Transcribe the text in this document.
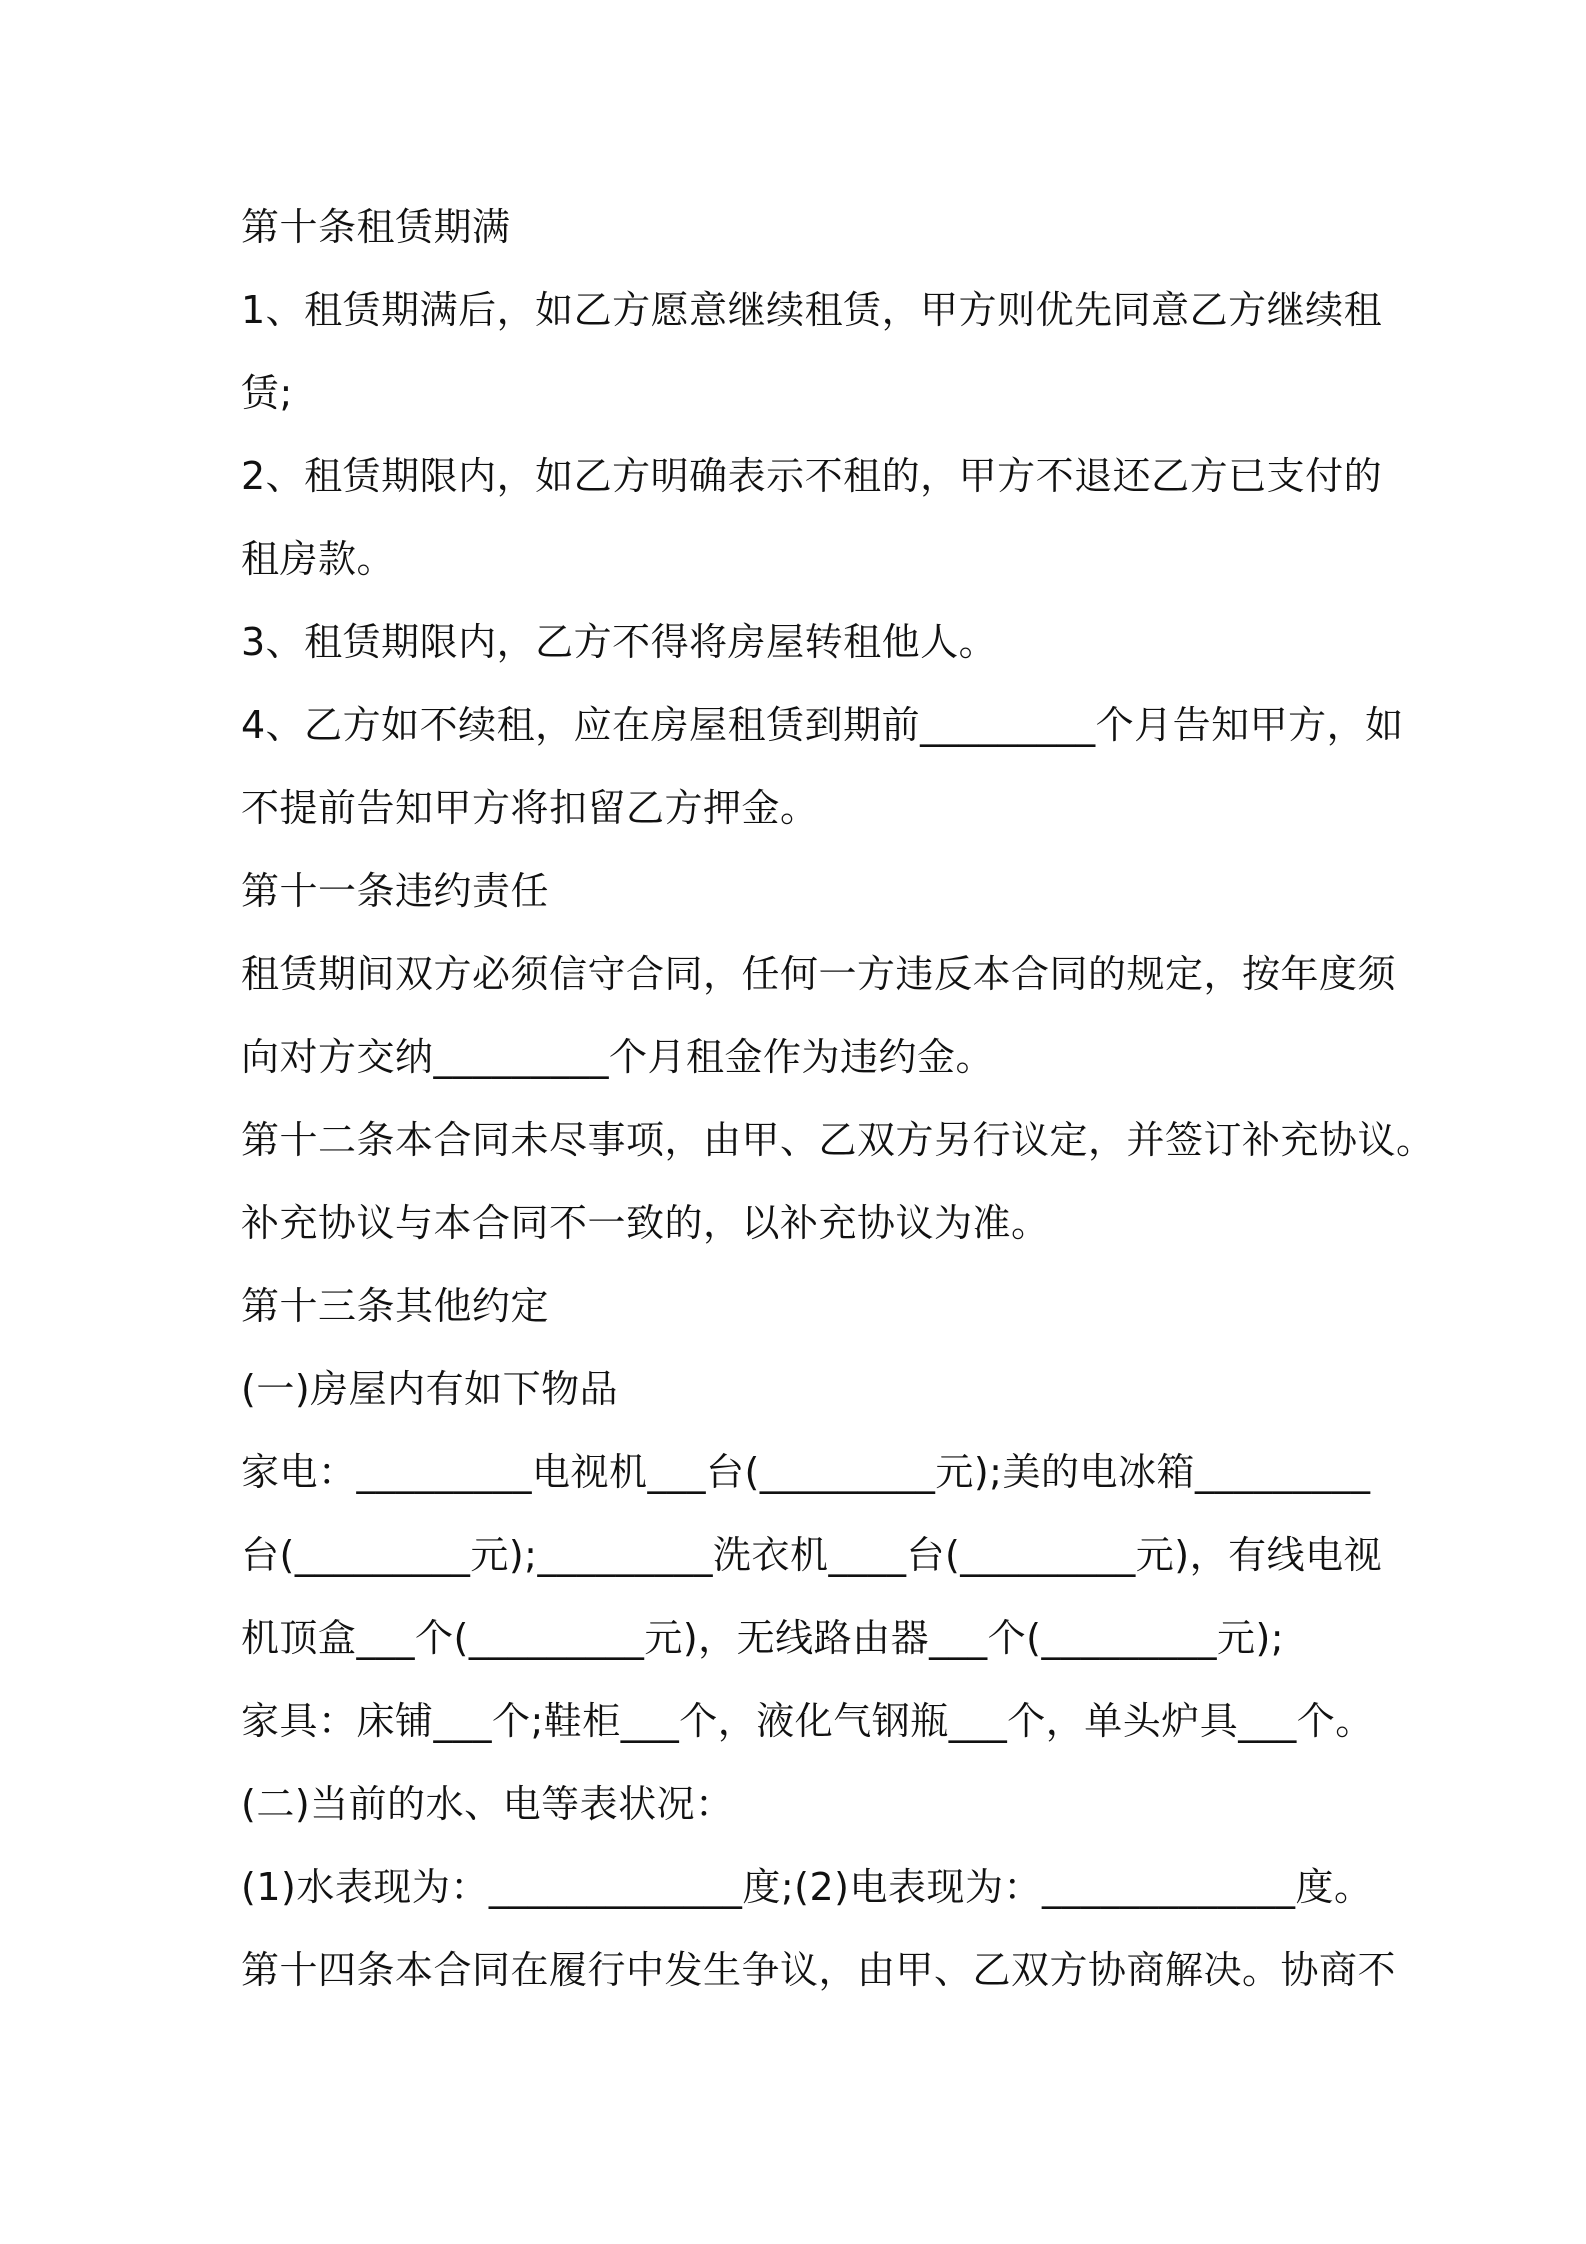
第十条租赁期满

1、租赁期满后，如乙方愿意继续租赁，甲方则优先同意乙方继续租

赁;

2、租赁期限内，如乙方明确表示不租的，甲方不退还乙方已支付的

租房款。

3、租赁期限内，乙方不得将房屋转租他人。

4、乙方如不续租，应在房屋租赁到期前_________个月告知甲方，如

不提前告知甲方将扣留乙方押金。

第十一条违约责任

租赁期间双方必须信守合同，任何一方违反本合同的规定，按年度须

向对方交纳_________个月租金作为违约金。

第十二条本合同未尽事项，由甲、乙双方另行议定，并签订补充协议。

补充协议与本合同不一致的，以补充协议为准。

第十三条其他约定

(一)房屋内有如下物品

家电：_________电视机___台(_________元);美的电冰箱_________

台(_________元);_________洗衣机____台(_________元)，有线电视

机顶盒___个(_________元)，无线路由器___个(_________元);

家具：床铺___个;鞋柜___个，液化气钢瓶___个，单头炉具___个。

(二)当前的水、电等表状况：

(1)水表现为：_____________度;(2)电表现为：_____________度。

第十四条本合同在履行中发生争议，由甲、乙双方协商解决。协商不
